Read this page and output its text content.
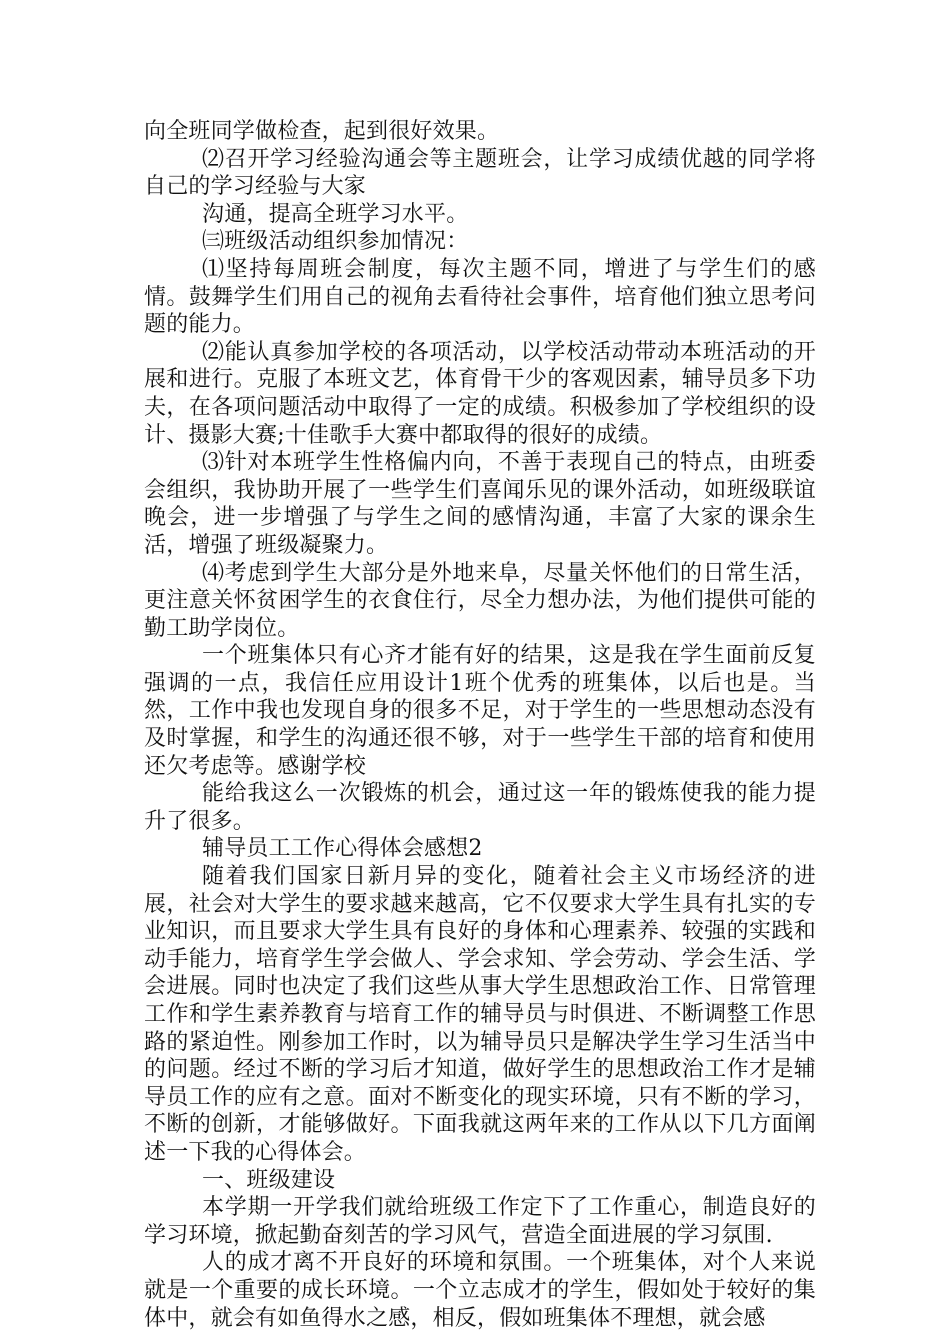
向全班同学做检查，起到很好效果。

⑵召开学习经验沟通会等主题班会，让学习成绩优越的同学将自己的学习经验与大家

沟通，提高全班学习水平。

㈢班级活动组织参加情况：

⑴坚持每周班会制度，每次主题不同，增进了与学生们的感情。鼓舞学生们用自己的视角去看待社会事件，培育他们独立思考问题的能力。

⑵能认真参加学校的各项活动，以学校活动带动本班活动的开展和进行。克服了本班文艺，体育骨干少的客观因素，辅导员多下功夫，在各项问题活动中取得了一定的成绩。积极参加了学校组织的设计、摄影大赛;十佳歌手大赛中都取得的很好的成绩。

⑶针对本班学生性格偏内向，不善于表现自己的特点，由班委会组织，我协助开展了一些学生们喜闻乐见的课外活动，如班级联谊晚会，进一步增强了与学生之间的感情沟通，丰富了大家的课余生活，增强了班级凝聚力。

⑷考虑到学生大部分是外地来阜，尽量关怀他们的日常生活，更注意关怀贫困学生的衣食住行，尽全力想办法，为他们提供可能的勤工助学岗位。

一个班集体只有心齐才能有好的结果，这是我在学生面前反复强调的一点，我信任应用设计1班个优秀的班集体，以后也是。当然，工作中我也发现自身的很多不足，对于学生的一些思想动态没有及时掌握，和学生的沟通还很不够，对于一些学生干部的培育和使用还欠考虑等。感谢学校

能给我这么一次锻炼的机会，通过这一年的锻炼使我的能力提升了很多。

辅导员工工作心得体会感想2

随着我们国家日新月异的变化，随着社会主义市场经济的进展，社会对大学生的要求越来越高，它不仅要求大学生具有扎实的专业知识，而且要求大学生具有良好的身体和心理素养、较强的实践和动手能力，培育学生学会做人、学会求知、学会劳动、学会生活、学会进展。同时也决定了我们这些从事大学生思想政治工作、日常管理工作和学生素养教育与培育工作的辅导员与时俱进、不断调整工作思路的紧迫性。刚参加工作时，以为辅导员只是解决学生学习生活当中的问题。经过不断的学习后才知道，做好学生的思想政治工作才是辅导员工作的应有之意。面对不断变化的现实环境，只有不断的学习，不断的创新，才能够做好。下面我就这两年来的工作从以下几方面阐述一下我的心得体会。

一、班级建设

本学期一开学我们就给班级工作定下了工作重心，制造良好的学习环境，掀起勤奋刻苦的学习风气，营造全面进展的学习氛围.

人的成才离不开良好的环境和氛围。一个班集体，对个人来说就是一个重要的成长环境。一个立志成才的学生，假如处于较好的集体中，就会有如鱼得水之感，相反，假如班集体不理想，就会感
